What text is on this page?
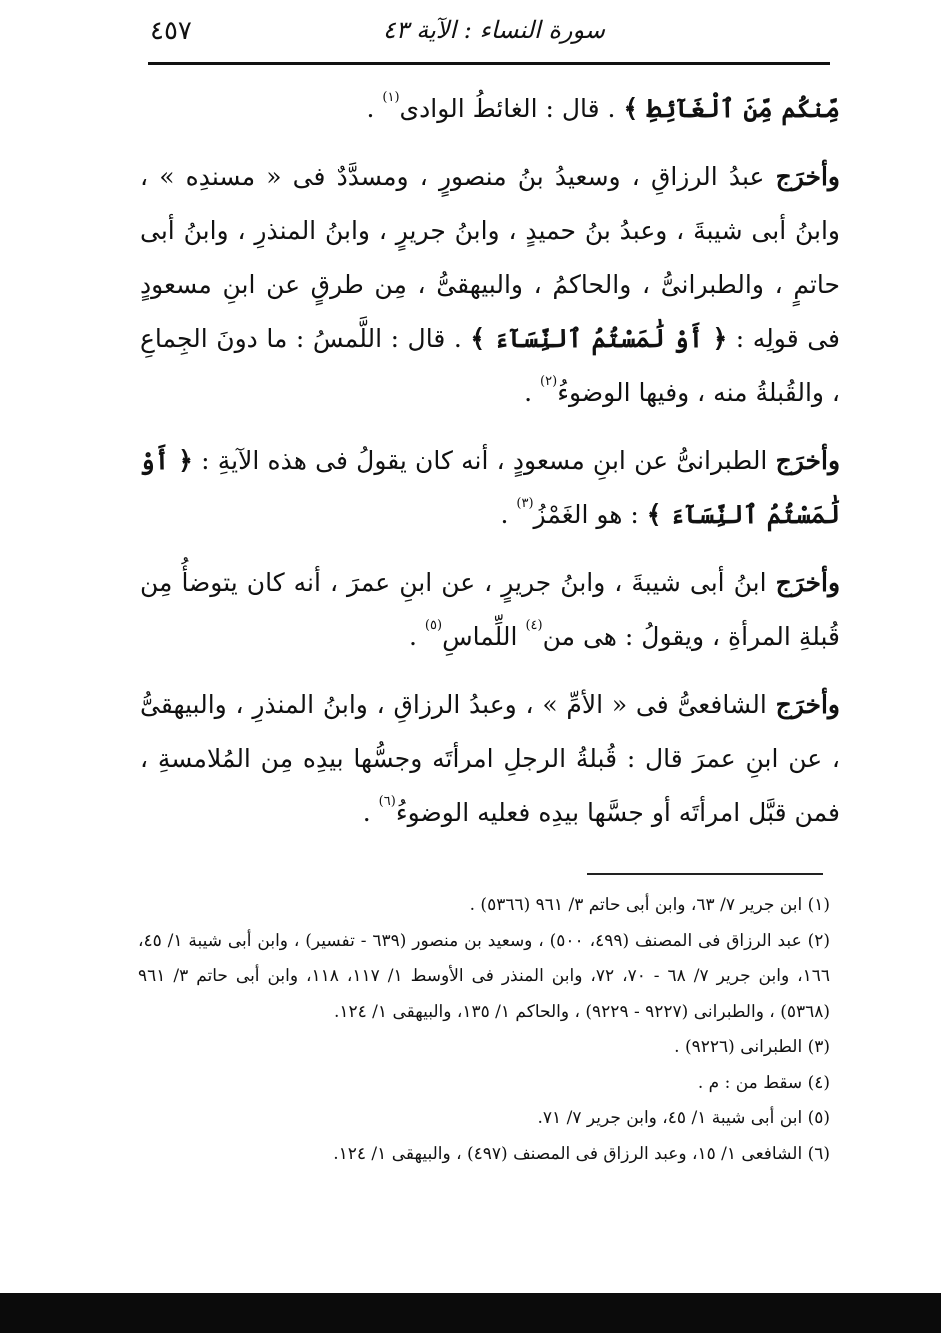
سورة النساء : الآية ٤٣
٤٥٧

مِّنكُم مِّنَ ٱلْغَآئِطِ ﴾ . قال : الغائطُ الوادى$^{(١)}$ .

وأخرَج عبدُ الرزاقِ ، وسعيدُ بنُ منصورٍ ، ومسدَّدٌ فى « مسندِه » ، وابنُ أبى شيبةَ ، وعبدُ بنُ حميدٍ ، وابنُ جريرٍ ، وابنُ المنذرِ ، وابنُ أبى حاتمٍ ، والطبرانىُّ ، والحاكمُ ، والبيهقىُّ ، مِن طرقٍ عن ابنِ مسعودٍ فى قولِه : ﴿ أَوْ لَٰمَسْتُمُ ٱلنِّسَآءَ ﴾ . قال : اللَّمسُ : ما دونَ الجِماعِ ، والقُبلةُ منه ، وفيها الوضوءُ$^{(٢)}$ .

وأخرَج الطبرانىُّ عن ابنِ مسعودٍ ، أنه كان يقولُ فى هذه الآيةِ : ﴿ أَوْ لَٰمَسْتُمُ ٱلنِّسَآءَ ﴾ : هو الغَمْزُ$^{(٣)}$ .

وأخرَج ابنُ أبى شيبةَ ، وابنُ جريرٍ ، عن ابنِ عمرَ ، أنه كان يتوضأُ مِن قُبلةِ المرأةِ ، ويقولُ : هى من$^{(٤)}$ اللِّماسِ$^{(٥)}$ .

وأخرَج الشافعىُّ فى « الأمِّ » ، وعبدُ الرزاقِ ، وابنُ المنذرِ ، والبيهقىُّ ، عن ابنِ عمرَ قال : قُبلةُ الرجلِ امرأتَه وجسُّها بيدِه مِن المُلامسةِ ، فمن قبَّل امرأتَه أو جسَّها بيدِه فعليه الوضوءُ$^{(٦)}$ .

(١) ابن جرير ٧/ ٦٣، وابن أبى حاتم ٣/ ٩٦١ (٥٣٦٦) .

(٢) عبد الرزاق فى المصنف (٤٩٩، ٥٠٠) ، وسعيد بن منصور (٦٣٩ - تفسير) ، وابن أبى شيبة ١/ ٤٥، ١٦٦، وابن جرير ٧/ ٦٨ - ٧٠، ٧٢، وابن المنذر فى الأوسط ١/ ١١٧، ١١٨، وابن أبى حاتم ٣/ ٩٦١ (٥٣٦٨) ، والطبرانى (٩٢٢٧ - ٩٢٢٩) ، والحاكم ١/ ١٣٥، والبيهقى ١/ ١٢٤.

(٣) الطبرانى (٩٢٢٦) .

(٤) سقط من : م .

(٥) ابن أبى شيبة ١/ ٤٥، وابن جرير ٧/ ٧١.

(٦) الشافعى ١/ ١٥، وعبد الرزاق فى المصنف (٤٩٧) ، والبيهقى ١/ ١٢٤.
